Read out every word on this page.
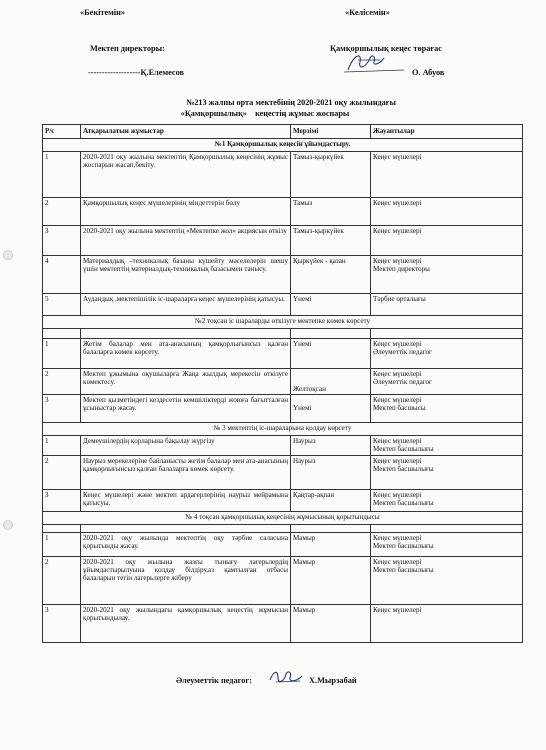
«Бекітемін»	«Келісемін»
Мектеп директоры:	Қамқоршылық кеңес төрағас
-------------------Қ.Елемесов	О. Абуов
№213 жалпы орта мектебінің 2020-2021 оқу жылындағы
«Қамқоршылық» кеңестің жұмыс жоспары
Р/с	Атқарылатын жұмыстар	Мерзімі	Жауаптылар
№1 Қамқоршылық кеңесін ұйымдастыру.			
1	2020-2021 оқу жылына мектептің Қамқоршылық кеңесінің жұмыс жоспарын жасап,бекіту.	Тамыз-қыркүйек	Кеңес мүшелері

2	Қамқоршылық кеңес мүшелерінің міндеттерін бөлу	Тамыз	Кеңес мүшелері

3	2020-2021 оқу жылына мектептің «Мектепке жол» акциясын өткізу	Тамыз-қыркүйек	Кеңес мүшелері

4	Материалдық –техникалық базаны күшейту мәселелерін шешу үшін мектептің материалдық-техникалық базасымен танысу.	Қыркүйек - қазан	Кеңес мүшелері
Мектеп директоры

5	Аудандық ,мектепішілік іс-шараларға кеңес мүшелерінің қатысуы.	Үнемі	Тәрбие орталығы

№2 тоқсан іс шараларды өткізуге мектепке көмек көрсету			

1	Жетім балалар мен ата-анасының қамқорлығынсыз қалған балаларға көмек көрсету.	Үнемі	Кеңес мүшелері
Әлеуметтік педагог

2	Мектеп ұжымына оқушыларға Жаңа жылдық мерекесін өткізуге көмектесу.	Желтоқсан	Кеңес мүшелері
Әлеуметтік педагог

3	Мектеп қызметіндегі кездесетін кемшіліктерді жоюға бағытталған ұсыныстар жасау.	Үнемі	Кеңес мүшелері
Мектеп басшысы

№ 3 мектептің іс-шараларына қолдау көрсету			
1	Демеушілердің қорларына бақылау жүргізу	Наурыз	Кеңес мүшелері
Мектеп басшылығы

2	Наурыз мерекелеріне байланысты жетім балалар мен ата-анасының қамқорлығынсыз қалған балаларға көмек көрсету.	Наурыз	Кеңес мүшелері
Мектеп басшылығы

3	Кеңес мүшелері және мектеп ардагерлерінің наурыз мейрамына қатысуы.	Қаңтар-ақпан	Кеңес мүшелері
Мектеп басшылығы

№ 4 тоқсан қамқоршылық кеңесінің жұмысының қорытындысы			

1	2020-2021 оқу жылында мектептің оқу тәрбие саласына қорытынды жасау.	Мамыр	Кеңес мүшелері
Мектеп басшылығы

2	2020-2021 оқу жылына жазғы тынығу лагерьлердің ұйымдастырылуына қолдау білдіру,аз қамтылған отбасы балаларын тегін лагерьлерге жіберу	Мамыр	Кеңес мүшелері
Мектеп басшылығы

3	2020-2021 оқу жылындағы қамқоршылық кеңестің жұмысын қорытындылау.	Мамыр	Кеңес мүшелері
Әлеуметтік педагог:	Х.Мырзабай
